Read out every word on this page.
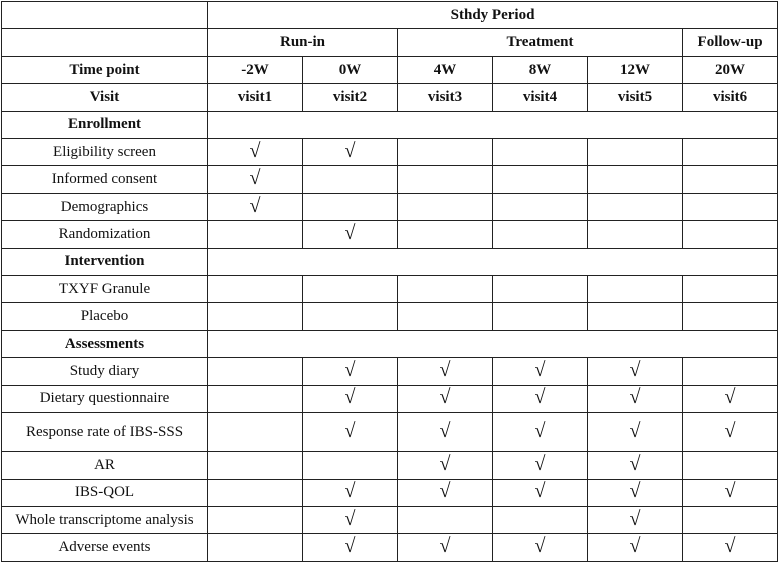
	Sthdy Period					
	Run-in		Treatment			Follow-up
Time point	-2W	0W	4W	8W	12W	20W
Visit	visit1	visit2	visit3	visit4	visit5	visit6
Enrollment						
Eligibility screen	√	√				
Informed consent	√					
Demographics	√					
Randomization		√				
Intervention						
TXYF Granule						
Placebo						
Assessments						
Study diary		√	√	√	√	
Dietary questionnaire		√	√	√	√	√
Response rate of IBS-SSS		√	√	√	√	√
AR			√	√	√	
IBS-QOL		√	√	√	√	√
Whole transcriptome analysis		√			√	
Adverse events		√	√	√	√	√
